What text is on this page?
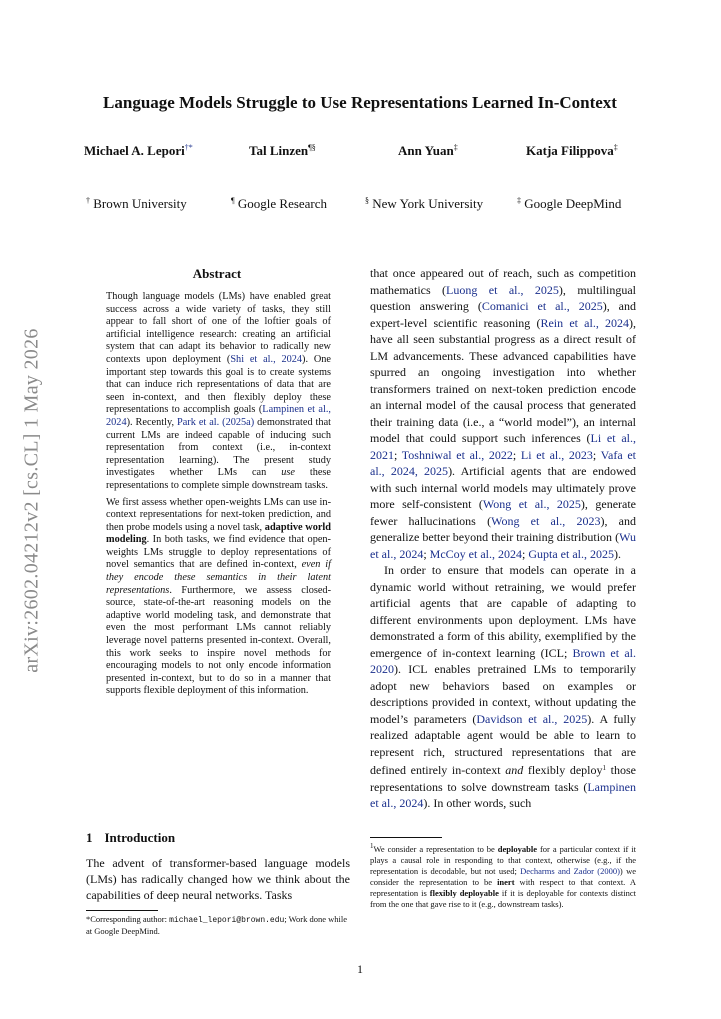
arXiv:2602.04212v2 [cs.CL] 1 May 2026
Language Models Struggle to Use Representations Learned In-Context
Michael A. Lepori†*	Tal Linzen¶§	Ann Yuan‡	Katja Filippova‡
† Brown University	¶ Google Research	§ New York University	‡ Google DeepMind
Abstract

Though language models (LMs) have enabled great success across a wide variety of tasks, they still appear to fall short of one of the loftier goals of artificial intelligence research: creating an artificial system that can adapt its behavior to radically new contexts upon deployment (Shi et al., 2024). One important step towards this goal is to create systems that can induce rich representations of data that are seen in-context, and then flexibly deploy these representations to accomplish goals (Lampinen et al., 2024). Recently, Park et al. (2025a) demonstrated that current LMs are indeed capable of inducing such representation from context (i.e., in-context representation learning). The present study investigates whether LMs can use these representations to complete simple downstream tasks.

We first assess whether open-weights LMs can use in-context representations for next-token prediction, and then probe models using a novel task, adaptive world modeling. In both tasks, we find evidence that open-weights LMs struggle to deploy representations of novel semantics that are defined in-context, even if they encode these semantics in their latent representations. Furthermore, we assess closed-source, state-of-the-art reasoning models on the adaptive world modeling task, and demonstrate that even the most performant LMs cannot reliably leverage novel patterns presented in-context. Overall, this work seeks to inspire novel methods for encouraging models to not only encode information presented in-context, but to do so in a manner that supports flexible deployment of this information.

1 Introduction

The advent of transformer-based language models (LMs) has radically changed how we think about the capabilities of deep neural networks. Tasks

*Corresponding author: michael_lepori@brown.edu; Work done while at Google DeepMind.

that once appeared out of reach, such as competition mathematics (Luong et al., 2025), multilingual question answering (Comanici et al., 2025), and expert-level scientific reasoning (Rein et al., 2024), have all seen substantial progress as a direct result of LM advancements. These advanced capabilities have spurred an ongoing investigation into whether transformers trained on next-token prediction encode an internal model of the causal process that generated their training data (i.e., a “world model”), an internal model that could support such inferences (Li et al., 2021; Toshniwal et al., 2022; Li et al., 2023; Vafa et al., 2024, 2025). Artificial agents that are endowed with such internal world models may ultimately prove more self-consistent (Wong et al., 2025), generate fewer hallucinations (Wong et al., 2023), and generalize better beyond their training distribution (Wu et al., 2024; McCoy et al., 2024; Gupta et al., 2025).

In order to ensure that models can operate in a dynamic world without retraining, we would prefer artificial agents that are capable of adapting to different environments upon deployment. LMs have demonstrated a form of this ability, exemplified by the emergence of in-context learning (ICL; Brown et al. 2020). ICL enables pretrained LMs to temporarily adopt new behaviors based on examples or descriptions provided in context, without updating the model’s parameters (Davidson et al., 2025). A fully realized adaptable agent would be able to learn to represent rich, structured representations that are defined entirely in-context and flexibly deploy$^1$ those representations to solve downstream tasks (Lampinen et al., 2024). In other words, such

$^1$We consider a representation to be deployable for a particular context if it plays a causal role in responding to that context, otherwise (e.g., if the representation is decodable, but not used; Decharms and Zador (2000)) we consider the representation to be inert with respect to that context. A representation is flexibly deployable if it is deployable for contexts distinct from the one that gave rise to it (e.g., downstream tasks).
1
